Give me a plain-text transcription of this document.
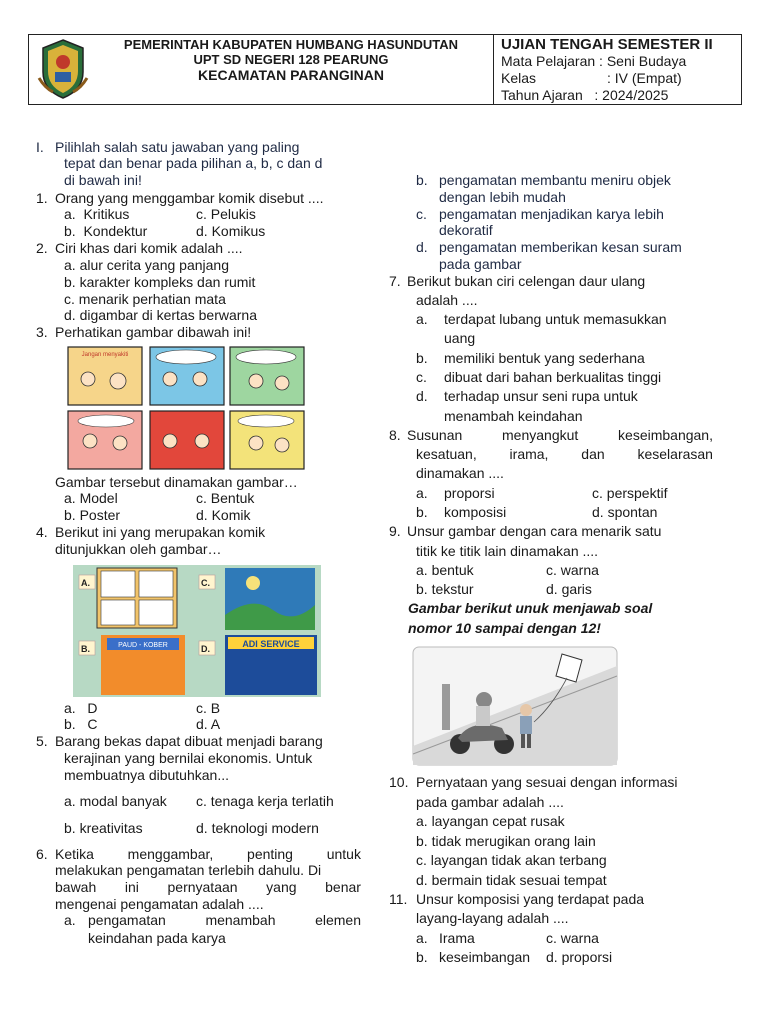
PEMERINTAH KABUPATEN HUMBANG HASUNDUTAN
UPT SD NEGERI 128 PEARUNG
KECAMATAN PARANGINAN
UJIAN TENGAH SEMESTER II
Mata Pelajaran : Seni Budaya
Kelas	: IV (Empat)
Tahun Ajaran   : 2024/2025
I. Pilihlah salah satu jawaban yang paling
tepat dan benar pada pilihan a, b, c dan d
di bawah ini!
1. Orang yang menggambar komik disebut ....
a.  Kritikus	c. Pelukis
b.  Kondektur	d. Komikus
2. Ciri khas dari komik adalah ....
a. alur cerita yang panjang
b. karakter kompleks dan rumit
c. menarik perhatian mata
d. digambar di kertas berwarna
3. Perhatikan gambar dibawah ini!
Jangan menyakiti
Gambar tersebut dinamakan gambar…
a. Model	c. Bentuk
b. Poster	d. Komik
4. Berikut ini yang merupakan komik
ditunjukkan oleh gambar…
PAUD - KOBER	ADI SERVICE
A.	C.
B.	D.
a.   D	c. B
b.   C	d. A
5. Barang bekas dapat dibuat menjadi barang
kerajinan yang bernilai ekonomis. Untuk
membuatnya dibutuhkan...
a. modal banyak c. tenaga kerja terlatih
b. kreativitas	d. teknologi modern
6. Ketika menggambar, penting untuk
melakukan pengamatan terlebih dahulu. Di
bawah ini pernyataan yang benar
mengenai pengamatan adalah ....
a. pengamatan	menambah	elemen
keindahan pada karya
b. pengamatan membantu meniru objek
dengan lebih mudah
c. pengamatan menjadikan karya lebih
dekoratif
d. pengamatan memberikan kesan suram
pada gambar
7. Berikut bukan ciri celengan daur ulang
adalah ....
a. terdapat lubang untuk memasukkan
uang
b. memiliki bentuk yang sederhana
c. dibuat dari bahan berkualitas tinggi
d. terhadap unsur seni rupa untuk
menambah keindahan
8. Susunan	menyangkut	keseimbangan,
kesatuan, irama, dan keselarasan
dinamakan ....
a. proporsi	c. perspektif
b. komposisi	d. spontan
9. Unsur gambar dengan cara menarik satu
titik ke titik lain dinamakan ....
a. bentuk	c. warna
b. tekstur	d. garis
Gambar berikut unuk menjawab soal
nomor 10 sampai dengan 12!
10. Pernyataan yang sesuai dengan informasi
pada gambar adalah ....
a. layangan cepat rusak
b. tidak merugikan orang lain
c. layangan tidak akan terbang
d. bermain tidak sesuai tempat
11. Unsur komposisi yang terdapat pada
layang-layang adalah ....
a. Irama	c. warna
b. keseimbangan d. proporsi
